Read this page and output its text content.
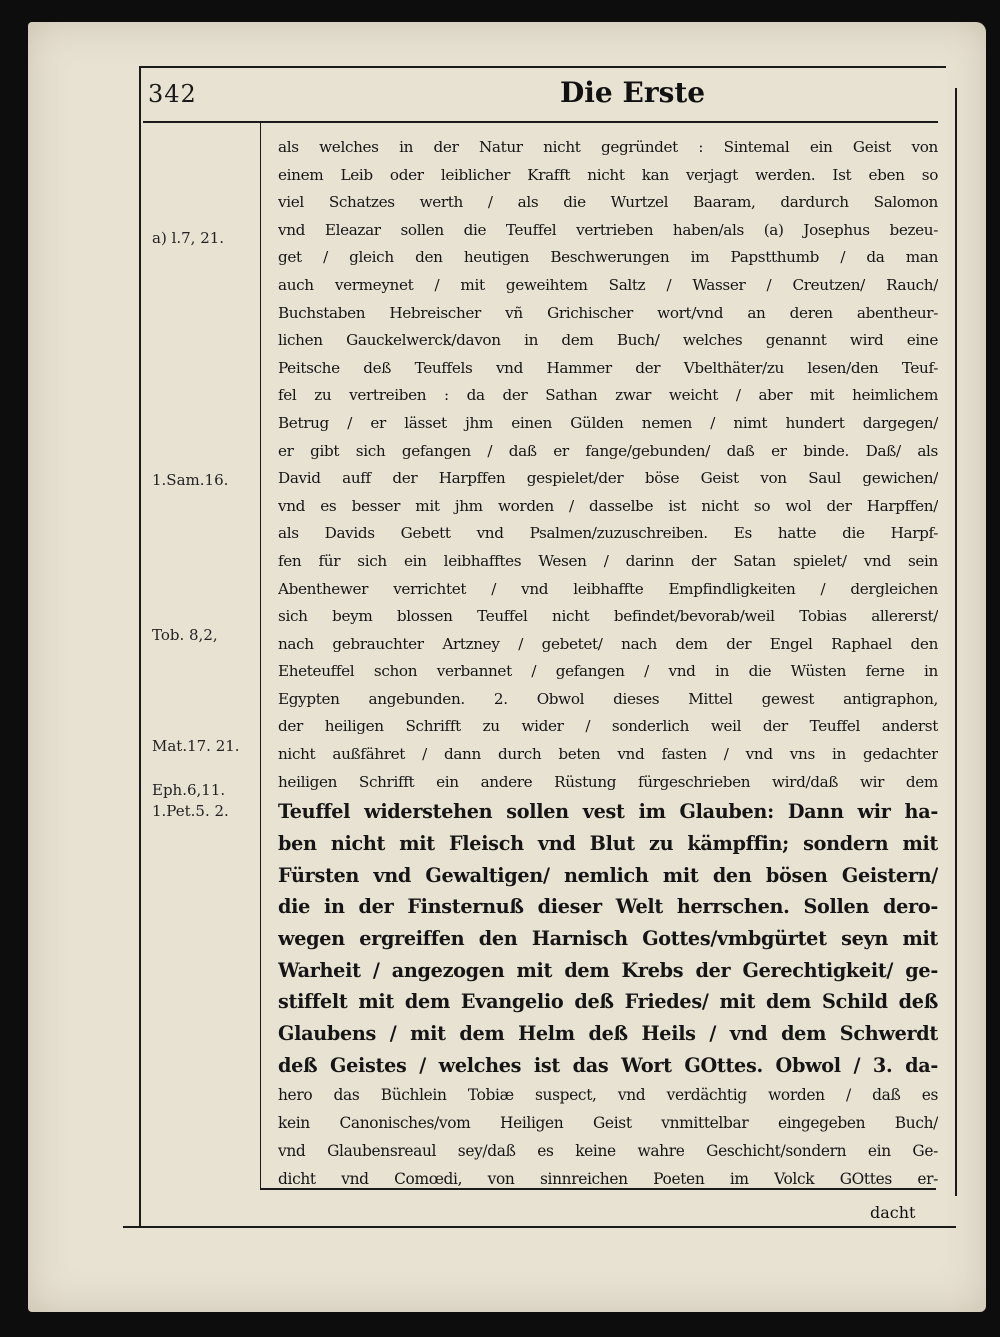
342	Die Erste
a) l.7, 21.
1.Sam.16.
Tob. 8,2,
Mat.17. 21.
Eph.6,11.
1.Pet.5. 2.
als welches in der Natur nicht gegründet : Sintemal ein Geist von
einem Leib oder leiblicher Krafft nicht kan verjagt werden. Ist eben so
viel Schatzes werth / als die Wurtzel Baaram, dardurch Salomon
vnd Eleazar sollen die Teuffel vertrieben haben/als (a) Josephus bezeu-
get / gleich den heutigen Beschwerungen im Papstthumb / da man
auch vermeynet / mit geweihtem Saltz / Wasser / Creutzen/ Rauch/
Buchstaben Hebreischer vñ Grichischer wort/vnd an deren abentheur-
lichen Gauckelwerck/davon in dem Buch/ welches genannt wird eine
Peitsche deß Teuffels vnd Hammer der Vbelthäter/zu lesen/den Teuf-
fel zu vertreiben : da der Sathan zwar weicht / aber mit heimlichem
Betrug / er lässet jhm einen Gülden nemen / nimt hundert dargegen/
er gibt sich gefangen / daß er fange/gebunden/ daß er binde. Daß/ als
David auff der Harpffen gespielet/der böse Geist von Saul gewichen/
vnd es besser mit jhm worden / dasselbe ist nicht so wol der Harpffen/
als Davids Gebett vnd Psalmen/zuzuschreiben. Es hatte die Harpf-
fen für sich ein leibhafftes Wesen / darinn der Satan spielet/ vnd sein
Abenthewer verrichtet / vnd leibhaffte Empfindligkeiten / dergleichen
sich beym blossen Teuffel nicht befindet/bevorab/weil Tobias allererst/
nach gebrauchter Artzney / gebetet/ nach dem der Engel Raphael den
Eheteuffel schon verbannet / gefangen / vnd in die Wüsten ferne in
Egypten angebunden. 2. Obwol dieses Mittel gewest antigraphon,
der heiligen Schrifft zu wider / sonderlich weil der Teuffel anderst
nicht außfähret / dann durch beten vnd fasten / vnd vns in gedachter
heiligen Schrifft ein andere Rüstung fürgeschrieben wird/daß wir dem
Teuffel widerstehen sollen vest im Glauben: Dann wir ha-
ben nicht mit Fleisch vnd Blut zu kämpffin; sondern mit
Fürsten vnd Gewaltigen/ nemlich mit den bösen Geistern/
die in der Finsternuß dieser Welt herrschen. Sollen dero-
wegen ergreiffen den Harnisch Gottes/vmbgürtet seyn mit
Warheit / angezogen mit dem Krebs der Gerechtigkeit/ ge-
stiffelt mit dem Evangelio deß Friedes/ mit dem Schild deß
Glaubens / mit dem Helm deß Heils / vnd dem Schwerdt
deß Geistes / welches ist das Wort GOttes. Obwol / 3. da-
hero das Büchlein Tobiæ suspect, vnd verdächtig worden / daß es
kein Canonisches/vom Heiligen Geist vnmittelbar eingegeben Buch/
vnd Glaubensreaul sey/daß es keine wahre Geschicht/sondern ein Ge-
dicht vnd Comœdi, von sinnreichen Poeten im Volck GOttes er-
dacht
